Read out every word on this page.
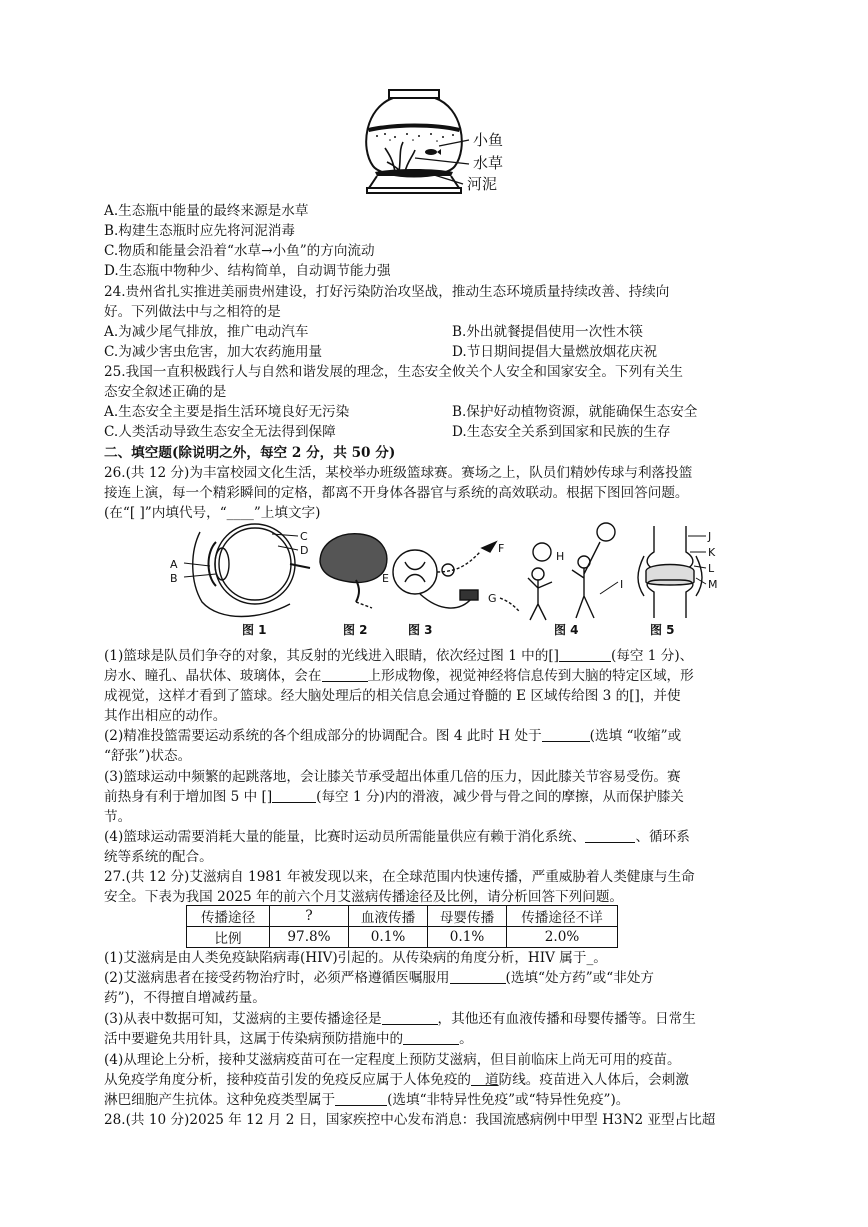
小鱼
水草
河泥
A.生态瓶中能量的最终来源是水草
B.构建生态瓶时应先将河泥消毒
C.物质和能量会沿着“水草→小鱼”的方向流动
D.生态瓶中物种少、结构简单，自动调节能力强
24.贵州省扎实推进美丽贵州建设，打好污染防治攻坚战，推动生态环境质量持续改善、持续向
好。下列做法中与之相符的是
A.为减少尾气排放，推广电动汽车	B.外出就餐提倡使用一次性木筷
C.为减少害虫危害，加大农药施用量	D.节日期间提倡大量燃放烟花庆祝
25.我国一直积极践行人与自然和谐发展的理念，生态安全攸关个人安全和国家安全。下列有关生
态安全叙述正确的是
A.生态安全主要是指生活环境良好无污染	B.保护好动植物资源，就能确保生态安全
C.人类活动导致生态安全无法得到保障	D.生态安全关系到国家和民族的生存
二、填空题(除说明之外，每空 2 分，共 50 分)
26.(共 12 分)为丰富校园文化生活，某校举办班级篮球赛。赛场之上，队员们精妙传球与利落投篮
接连上演，每一个精彩瞬间的定格，都离不开身体各器官与系统的高效联动。根据下图回答问题。
(在“[ ]”内填代号，“____”上填文字)
A
B
C
D
图 1	图 2
E
F
G
图 3
H
I
图 4
J
K
L
M
图 5
(1)篮球是队员们争夺的对象，其反射的光线进入眼睛，依次经过图 1 中的[]	(每空 1 分)、
房水、瞳孔、晶状体、玻璃体，会在	上形成物像，视觉神经将信息传到大脑的特定区域，形
成视觉，这样才看到了篮球。经大脑处理后的相关信息会通过脊髓的 E 区域传给图 3 的[]，并使
其作出相应的动作。
(2)精准投篮需要运动系统的各个组成部分的协调配合。图 4 此时 H 处于	(选填 “收缩”或
“舒张”)状态。
(3)篮球运动中频繁的起跳落地，会让膝关节承受超出体重几倍的压力，因此膝关节容易受伤。赛
前热身有利于增加图 5 中 []	(每空 1 分)内的滑液，减少骨与骨之间的摩擦，从而保护膝关
节。
(4)篮球运动需要消耗大量的能量，比赛时运动员所需能量供应有赖于消化系统、	、循环系
统等系统的配合。
27.(共 12 分)艾滋病自 1981 年被发现以来，在全球范围内快速传播，严重威胁着人类健康与生命
安全。下表为我国 2025 年的前六个月艾滋病传播途径及比例，请分析回答下列问题。
传播途径	?	血液传播	母婴传播	传播途径不详
比例	97.8%	0.1%	0.1%	2.0%
(1)艾滋病是由人类免疫缺陷病毒(HIV)引起的。从传染病的角度分析，HIV 属于_。
(2)艾滋病患者在接受药物治疗时，必须严格遵循医嘱服用	(选填“处方药”或“非处方
药”)，不得擅自增减药量。
(3)从表中数据可知，艾滋病的主要传播途径是	，其他还有血液传播和母婴传播等。日常生
活中要避免共用针具，这属于传染病预防措施中的	。
(4)从理论上分析，接种艾滋病疫苗可在一定程度上预防艾滋病，但目前临床上尚无可用的疫苗。
从免疫学角度分析，接种疫苗引发的免疫反应属于人体免疫的 道防线。疫苗进入人体后，会刺激
淋巴细胞产生抗体。这种免疫类型属于	(选填“非特异性免疫”或“特异性免疫”)。
28.(共 10 分)2025 年 12 月 2 日，国家疾控中心发布消息：我国流感病例中甲型 H3N2 亚型占比超
